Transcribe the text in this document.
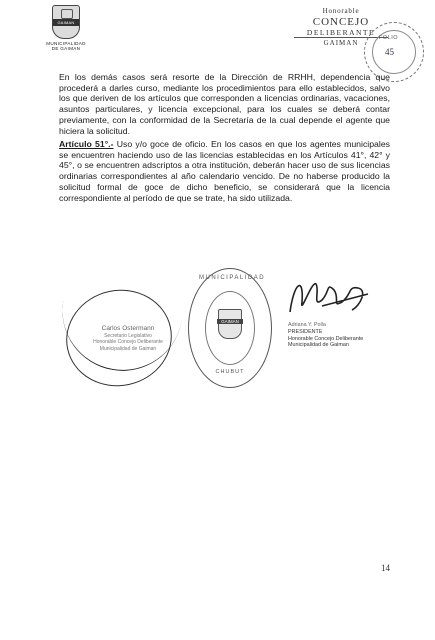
GAIMAN
MUNICIPALIDAD
DE GAIMAN
Honorable
CONCEJO
DELIBERANTE
GAIMAN
FOLIO
45

En los demás casos será resorte de la Dirección de RRHH, dependencia que procederá a darles curso, mediante los procedimientos para ello establecidos, salvo los que deriven de los artículos que corresponden a licencias ordinarias, vacaciones, asuntos particulares, y licencia excepcional, para los cuales se deberá contar previamente, con la conformidad de la Secretaría de la cual depende el agente que hiciera la solicitud.

Artículo 51°.- Uso y/o goce de oficio. En los casos en que los agentes municipales se encuentren haciendo uso de las licencias establecidas en los Artículos 41°, 42° y 45°, o se encuentren adscriptos a otra institución, deberán hacer uso de sus licencias ordinarias correspondientes al año calendario vencido. De no haberse producido la solicitud formal de goce de dicho beneficio, se considerará que la licencia correspondiente al período de que se trate, ha sido utilizada.

Carlos Ostermann
Secretario Legislativo
Honorable Concejo Deliberante
Municipalidad de Gaiman
MUNICIPALIDAD
GAIMAN
CHUBUT
Adriana Y. Polla
PRESIDENTE
Honorable Concejo Deliberante
Municipalidad de Gaiman
14
